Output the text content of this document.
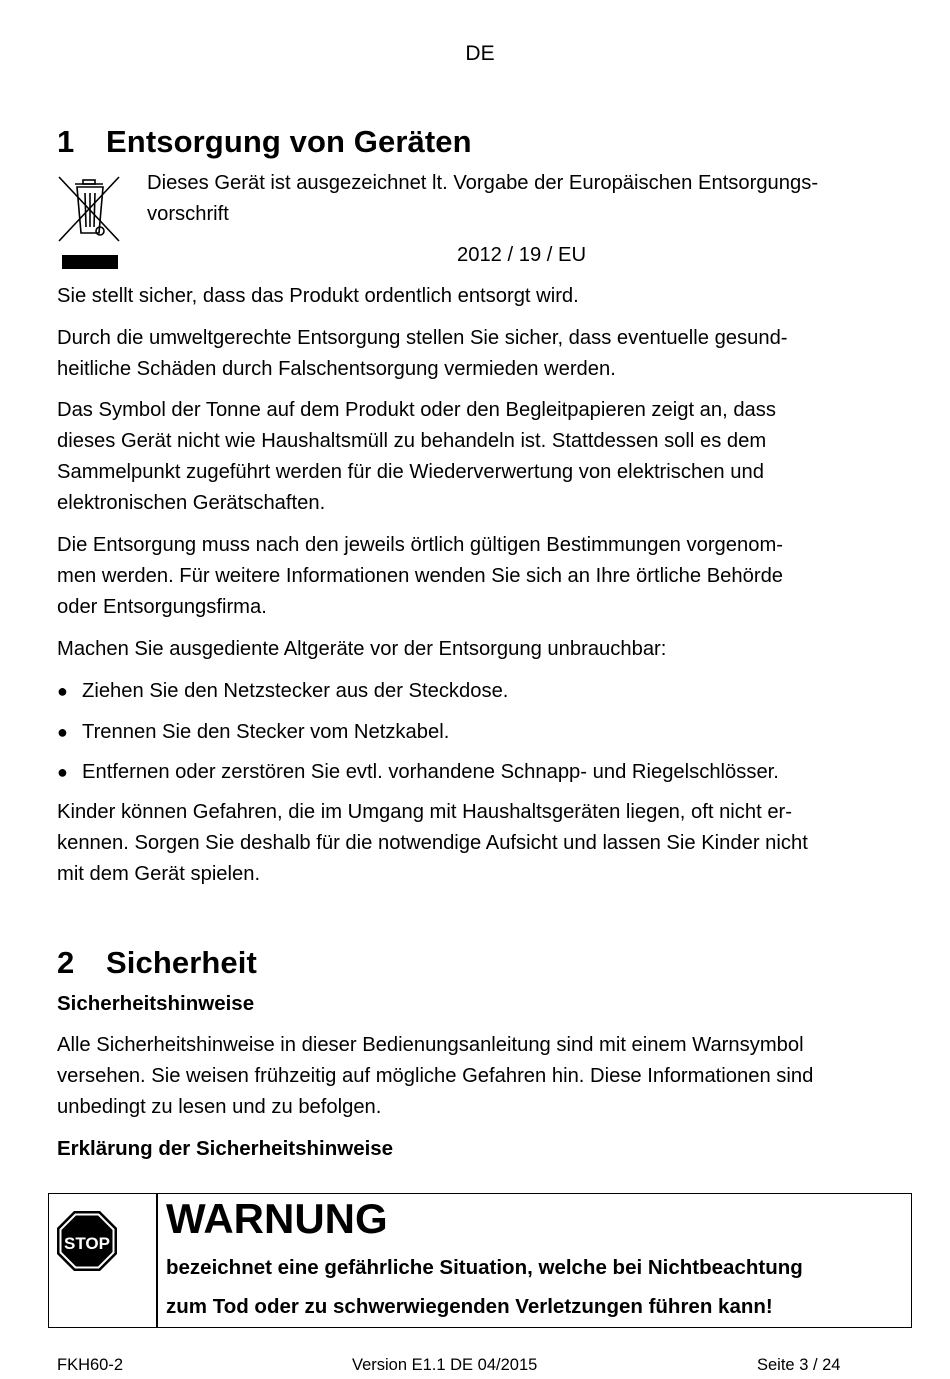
DE
1 Entsorgung von Geräten

Dieses Gerät ist ausgezeichnet lt. Vorgabe der Europäischen Entsorgungs-
vorschrift

2012 / 19 / EU

Sie stellt sicher, dass das Produkt ordentlich entsorgt wird.

Durch die umweltgerechte Entsorgung stellen Sie sicher, dass eventuelle gesund-
heitliche Schäden durch Falschentsorgung vermieden werden.

Das Symbol der Tonne auf dem Produkt oder den Begleitpapieren zeigt an, dass
dieses Gerät nicht wie Haushaltsmüll zu behandeln ist. Stattdessen soll es dem
Sammelpunkt zugeführt werden für die Wiederverwertung von elektrischen und
elektronischen Gerätschaften.

Die Entsorgung muss nach den jeweils örtlich gültigen Bestimmungen vorgenom-
men werden. Für weitere Informationen wenden Sie sich an Ihre örtliche Behörde
oder Entsorgungsfirma.

Machen Sie ausgediente Altgeräte vor der Entsorgung unbrauchbar:

● Ziehen Sie den Netzstecker aus der Steckdose.
● Trennen Sie den Stecker vom Netzkabel.
● Entfernen oder zerstören Sie evtl. vorhandene Schnapp- und Riegelschlösser.

Kinder können Gefahren, die im Umgang mit Haushaltsgeräten liegen, oft nicht er-
kennen. Sorgen Sie deshalb für die notwendige Aufsicht und lassen Sie Kinder nicht
mit dem Gerät spielen.

2 Sicherheit
Sicherheitshinweise

Alle Sicherheitshinweise in dieser Bedienungsanleitung sind mit einem Warnsymbol
versehen. Sie weisen frühzeitig auf mögliche Gefahren hin. Diese Informationen sind
unbedingt zu lesen und zu befolgen.

Erklärung der Sicherheitshinweise
STOP
WARNUNG
bezeichnet eine gefährliche Situation, welche bei Nichtbeachtung
zum Tod oder zu schwerwiegenden Verletzungen führen kann!
FKH60-2	Version E1.1 DE 04/2015	Seite 3 / 24
